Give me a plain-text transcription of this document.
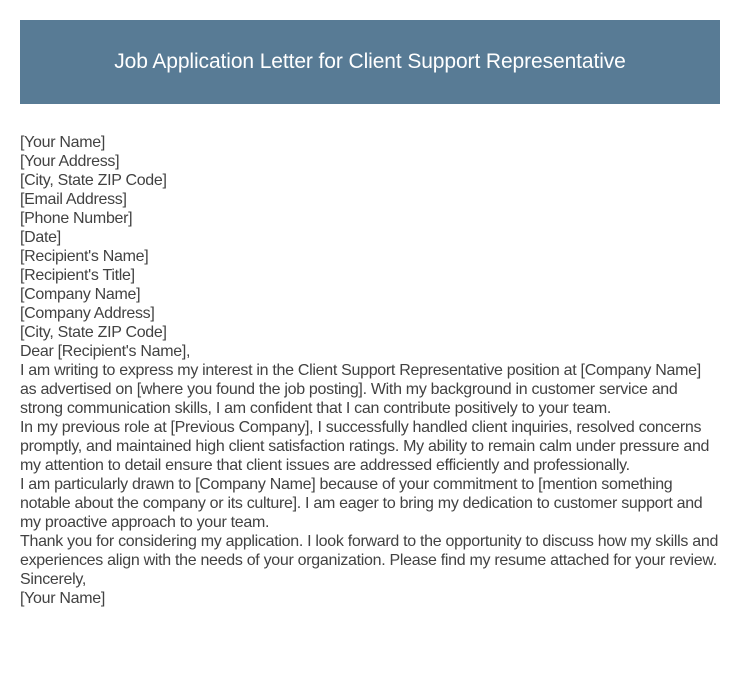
Job Application Letter for Client Support Representative
[Your Name]
[Your Address]
[City, State ZIP Code]
[Email Address]
[Phone Number]
[Date]
[Recipient's Name]
[Recipient's Title]
[Company Name]
[Company Address]
[City, State ZIP Code]
Dear [Recipient's Name],

I am writing to express my interest in the Client Support Representative position at [Company Name] as advertised on [where you found the job posting]. With my background in customer service and strong communication skills, I am confident that I can contribute positively to your team.

In my previous role at [Previous Company], I successfully handled client inquiries, resolved concerns promptly, and maintained high client satisfaction ratings. My ability to remain calm under pressure and my attention to detail ensure that client issues are addressed efficiently and professionally.

I am particularly drawn to [Company Name] because of your commitment to [mention something notable about the company or its culture]. I am eager to bring my dedication to customer support and my proactive approach to your team.

Thank you for considering my application. I look forward to the opportunity to discuss how my skills and experiences align with the needs of your organization. Please find my resume attached for your review.

Sincerely,
[Your Name]
